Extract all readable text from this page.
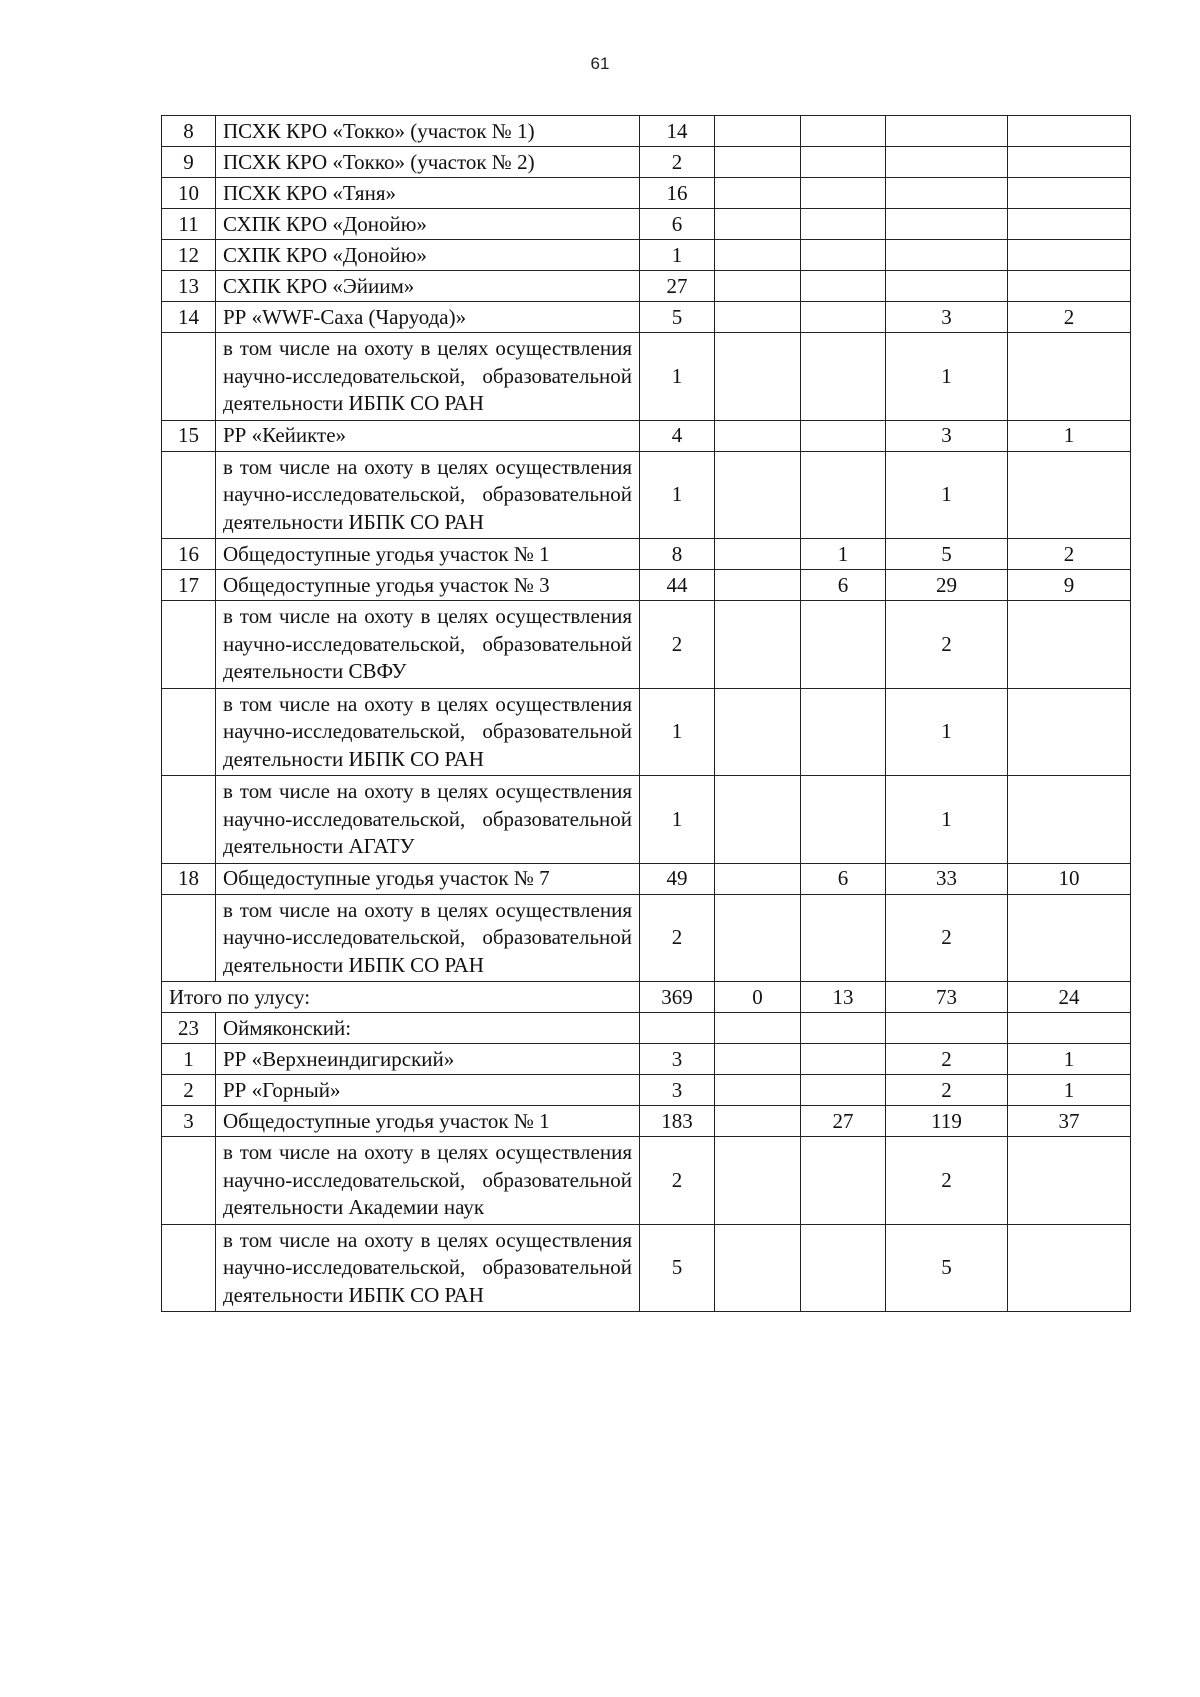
61
8	ПСХК КРО «Токко» (участок № 1)	14				
9	ПСХК КРО «Токко» (участок № 2)	2				
10	ПСХК КРО «Тяня»	16				
11	СХПК КРО «Донойю»	6				
12	СХПК КРО «Донойю»	1				
13	СХПК КРО «Эйиим»	27				
14	РР «WWF-Саха (Чаруода)»	5			3	2
	в том числе на охоту в целях осуществления научно-исследовательской, образовательной деятельности ИБПК СО РАН	1			1	
15	РР «Кейикте»	4			3	1
	в том числе на охоту в целях осуществления научно-исследовательской, образовательной деятельности ИБПК СО РАН	1			1	
16	Общедоступные угодья участок № 1	8		1	5	2
17	Общедоступные угодья участок № 3	44		6	29	9
	в том числе на охоту в целях осуществления научно-исследовательской, образовательной деятельности СВФУ	2			2	
	в том числе на охоту в целях осуществления научно-исследовательской, образовательной деятельности ИБПК СО РАН	1			1	
	в том числе на охоту в целях осуществления научно-исследовательской, образовательной деятельности АГАТУ	1			1	
18	Общедоступные угодья участок № 7	49		6	33	10
	в том числе на охоту в целях осуществления научно-исследовательской, образовательной деятельности ИБПК СО РАН	2			2	
Итого по улусу:		369	0	13	73	24
23	Оймяконский:					
1	РР «Верхнеиндигирский»	3			2	1
2	РР «Горный»	3			2	1
3	Общедоступные угодья участок № 1	183		27	119	37
	в том числе на охоту в целях осуществления научно-исследовательской, образовательной деятельности Академии наук	2			2	
	в том числе на охоту в целях осуществления научно-исследовательской, образовательной деятельности ИБПК СО РАН	5			5	
